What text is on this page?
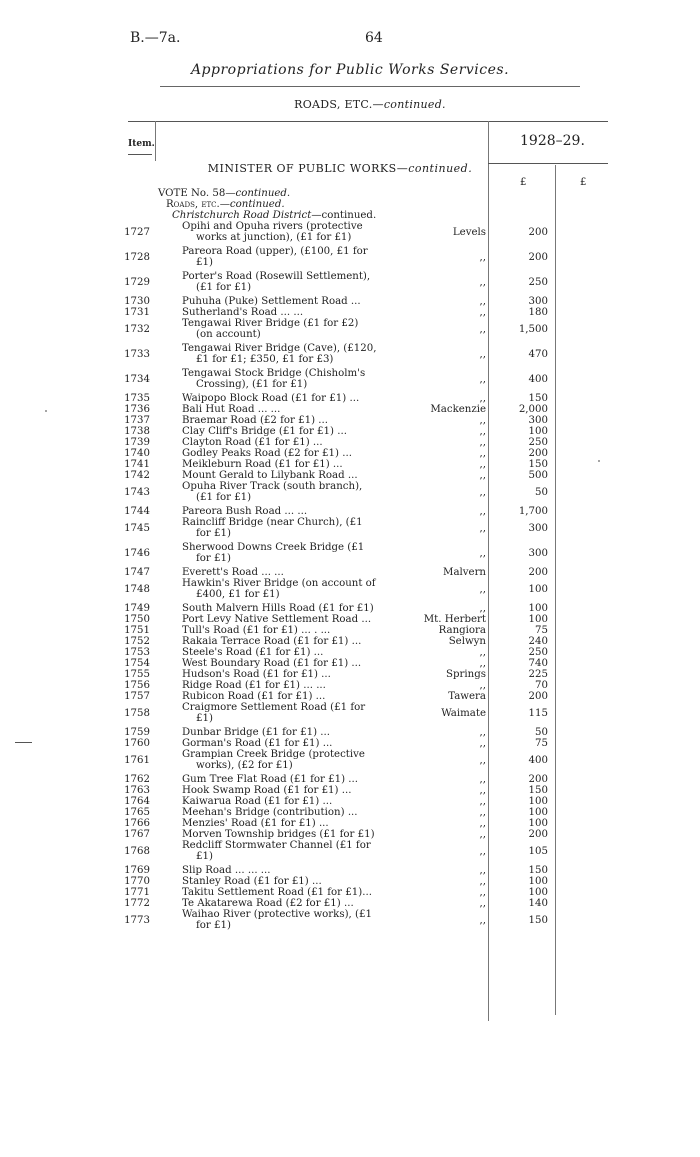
B.—7a.	64
Appropriations for Public Works Services.
ROADS, ETC.—continued.
Item.	1928–29.
£	£
MINISTER OF PUBLIC WORKS—continued.
VOTE No. 58—continued.
Roads, etc.—continued.
Christchurch Road District—continued.
1727
Opihi and Opuha rivers (protective
works at junction), (£1 for £1)	Levels	200
1728
Pareora Road (upper), (£100, £1 for
£1)	,,	200
1729
Porter's Road (Rosewill Settlement),
(£1 for £1)	,,	250
1730	Puhuha (Puke) Settlement Road ...	,,	300
1731	Sutherland's Road ... ...	,,	180
1732
Tengawai River Bridge (£1 for £2)
(on account)	,,	1,500
1733
Tengawai River Bridge (Cave), (£120,
£1 for £1; £350, £1 for £3)	,,	470
1734
Tengawai Stock Bridge (Chisholm's
Crossing), (£1 for £1)	,,	400
1735	Waipopo Block Road (£1 for £1) ...	,,	150
1736	Bali Hut Road ... ...	Mackenzie	2,000
1737	Braemar Road (£2 for £1) ...	,,	300
1738	Clay Cliff's Bridge (£1 for £1) ...	,,	100
1739	Clayton Road (£1 for £1) ...	,,	250
1740	Godley Peaks Road (£2 for £1) ...	,,	200
1741	Meikleburn Road (£1 for £1) ...	,,	150
1742	Mount Gerald to Lilybank Road ...	,,	500
1743
Opuha River Track (south branch),
(£1 for £1)	,,	50
1744	Pareora Bush Road ... ...	,,	1,700
1745
Raincliff Bridge (near Church), (£1
for £1)	,,	300
1746
Sherwood Downs Creek Bridge (£1
for £1)	,,	300
1747	Everett's Road ... ...	Malvern	200
1748
Hawkin's River Bridge (on account of
£400, £1 for £1)	,,	100
1749	South Malvern Hills Road (£1 for £1)	,,	100
1750	Port Levy Native Settlement Road ...	Mt. Herbert	100
1751	Tull's Road (£1 for £1) ... . ...	Rangiora	75
1752	Rakaia Terrace Road (£1 for £1) ...	Selwyn	240
1753	Steele's Road (£1 for £1) ...	,,	250
1754	West Boundary Road (£1 for £1) ...	,,	740
1755	Hudson's Road (£1 for £1) ...	Springs	225
1756	Ridge Road (£1 for £1) ... ...	,,	70
1757	Rubicon Road (£1 for £1) ...	Tawera	200
1758
Craigmore Settlement Road (£1 for
£1)	Waimate	115
1759	Dunbar Bridge (£1 for £1) ...	,,	50
1760	Gorman's Road (£1 for £1) ...	,,	75
1761
Grampian Creek Bridge (protective
works), (£2 for £1)	,,	400
1762	Gum Tree Flat Road (£1 for £1) ...	,,	200
1763	Hook Swamp Road (£1 for £1) ...	,,	150
1764	Kaiwarua Road (£1 for £1) ...	,,	100
1765	Meehan's Bridge (contribution) ...	,,	100
1766	Menzies' Road (£1 for £1) ...	,,	100
1767	Morven Township bridges (£1 for £1)	,,	200
1768
Redcliff Stormwater Channel (£1 for
£1)	,,	105
1769	Slip Road ... ... ...	,,	150
1770	Stanley Road (£1 for £1) ...	,,	100
1771	Takitu Settlement Road (£1 for £1)...	,,	100
1772	Te Akatarewa Road (£2 for £1) ...	,,	140
1773
Waihao River (protective works), (£1
for £1)	,,	150
